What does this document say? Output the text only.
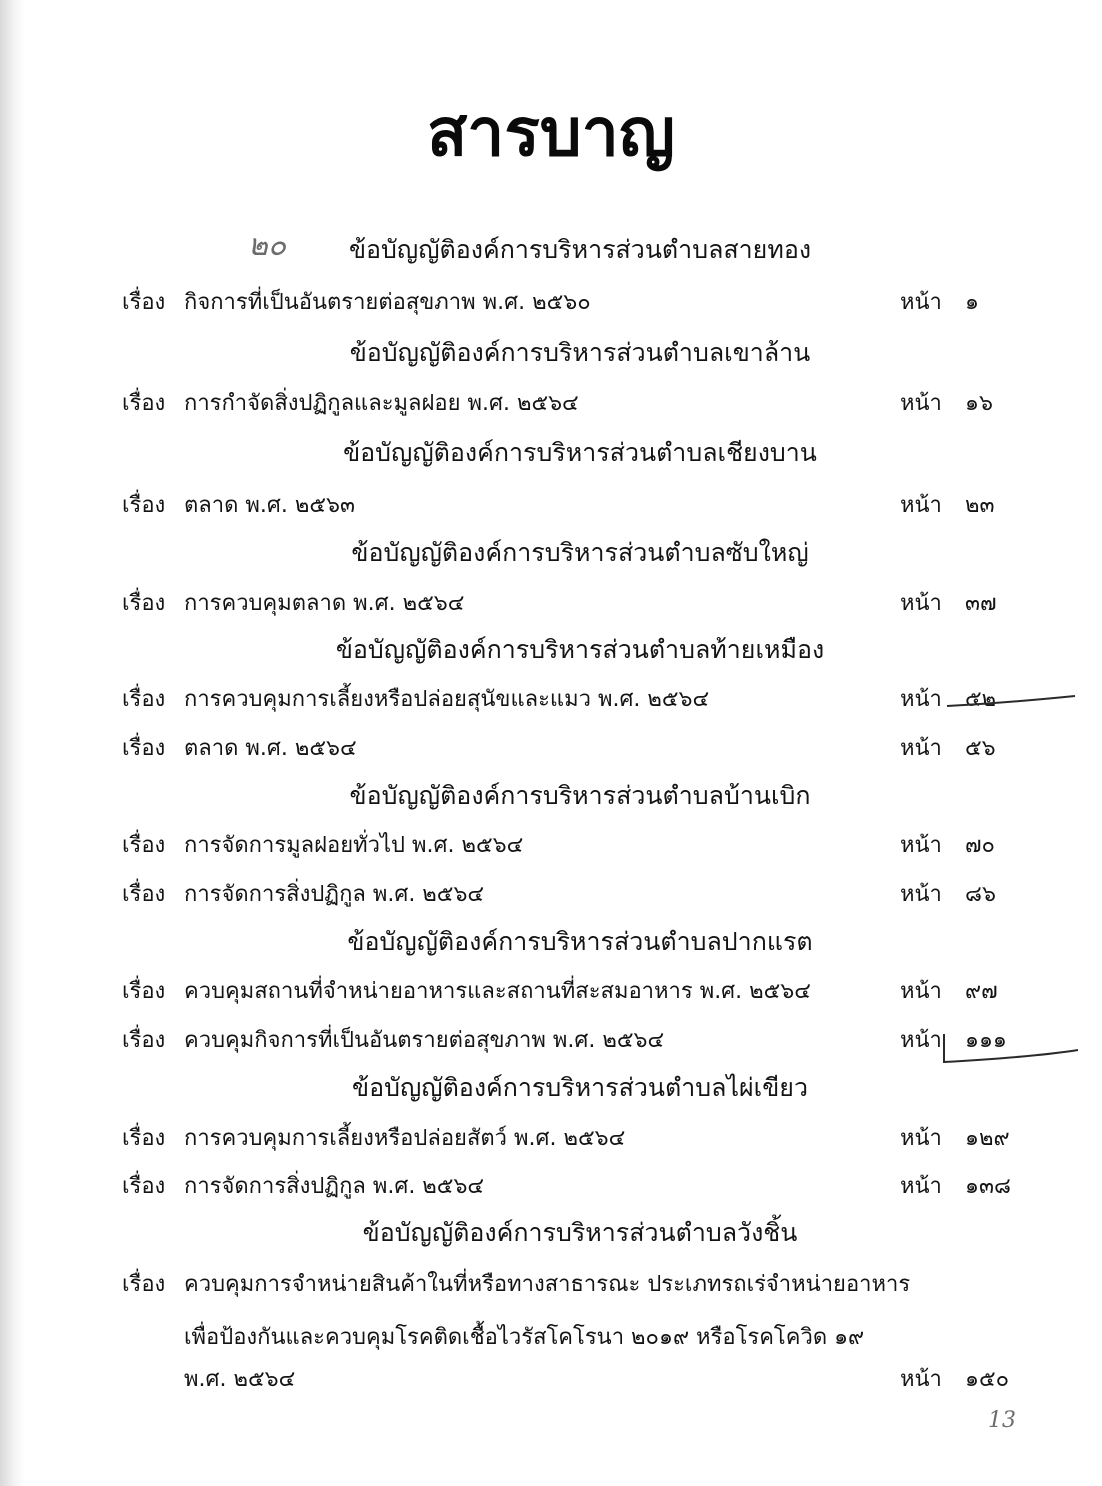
สารบาญ
๒๐	ข้อบัญญัติองค์การบริหารส่วนตำบลสายทอง
เรื่อง กิจการที่เป็นอันตรายต่อสุขภาพ พ.ศ. ๒๕๖๐	หน้า ๑
ข้อบัญญัติองค์การบริหารส่วนตำบลเขาล้าน
เรื่อง การกำจัดสิ่งปฏิกูลและมูลฝอย พ.ศ. ๒๕๖๔	หน้า ๑๖
ข้อบัญญัติองค์การบริหารส่วนตำบลเชียงบาน
เรื่อง ตลาด พ.ศ. ๒๕๖๓	หน้า ๒๓
ข้อบัญญัติองค์การบริหารส่วนตำบลซับใหญ่
เรื่อง การควบคุมตลาด พ.ศ. ๒๕๖๔	หน้า ๓๗
ข้อบัญญัติองค์การบริหารส่วนตำบลท้ายเหมือง
เรื่อง การควบคุมการเลี้ยงหรือปล่อยสุนัขและแมว พ.ศ. ๒๕๖๔	หน้า ๕๒
เรื่อง ตลาด พ.ศ. ๒๕๖๔	หน้า ๕๖
ข้อบัญญัติองค์การบริหารส่วนตำบลบ้านเบิก
เรื่อง การจัดการมูลฝอยทั่วไป พ.ศ. ๒๕๖๔	หน้า ๗๐
เรื่อง การจัดการสิ่งปฏิกูล พ.ศ. ๒๕๖๔	หน้า ๘๖
ข้อบัญญัติองค์การบริหารส่วนตำบลปากแรต
เรื่อง ควบคุมสถานที่จำหน่ายอาหารและสถานที่สะสมอาหาร พ.ศ. ๒๕๖๔	หน้า ๙๗
เรื่อง ควบคุมกิจการที่เป็นอันตรายต่อสุขภาพ พ.ศ. ๒๕๖๔	หน้า ๑๑๑
ข้อบัญญัติองค์การบริหารส่วนตำบลไผ่เขียว
เรื่อง การควบคุมการเลี้ยงหรือปล่อยสัตว์ พ.ศ. ๒๕๖๔	หน้า ๑๒๙
เรื่อง การจัดการสิ่งปฏิกูล พ.ศ. ๒๕๖๔	หน้า ๑๓๘
ข้อบัญญัติองค์การบริหารส่วนตำบลวังชิ้น
เรื่อง ควบคุมการจำหน่ายสินค้าในที่หรือทางสาธารณะ ประเภทรถเร่จำหน่ายอาหาร
เพื่อป้องกันและควบคุมโรคติดเชื้อไวรัสโคโรนา ๒๐๑๙ หรือโรคโควิด ๑๙
พ.ศ. ๒๕๖๔	หน้า ๑๕๐
13
